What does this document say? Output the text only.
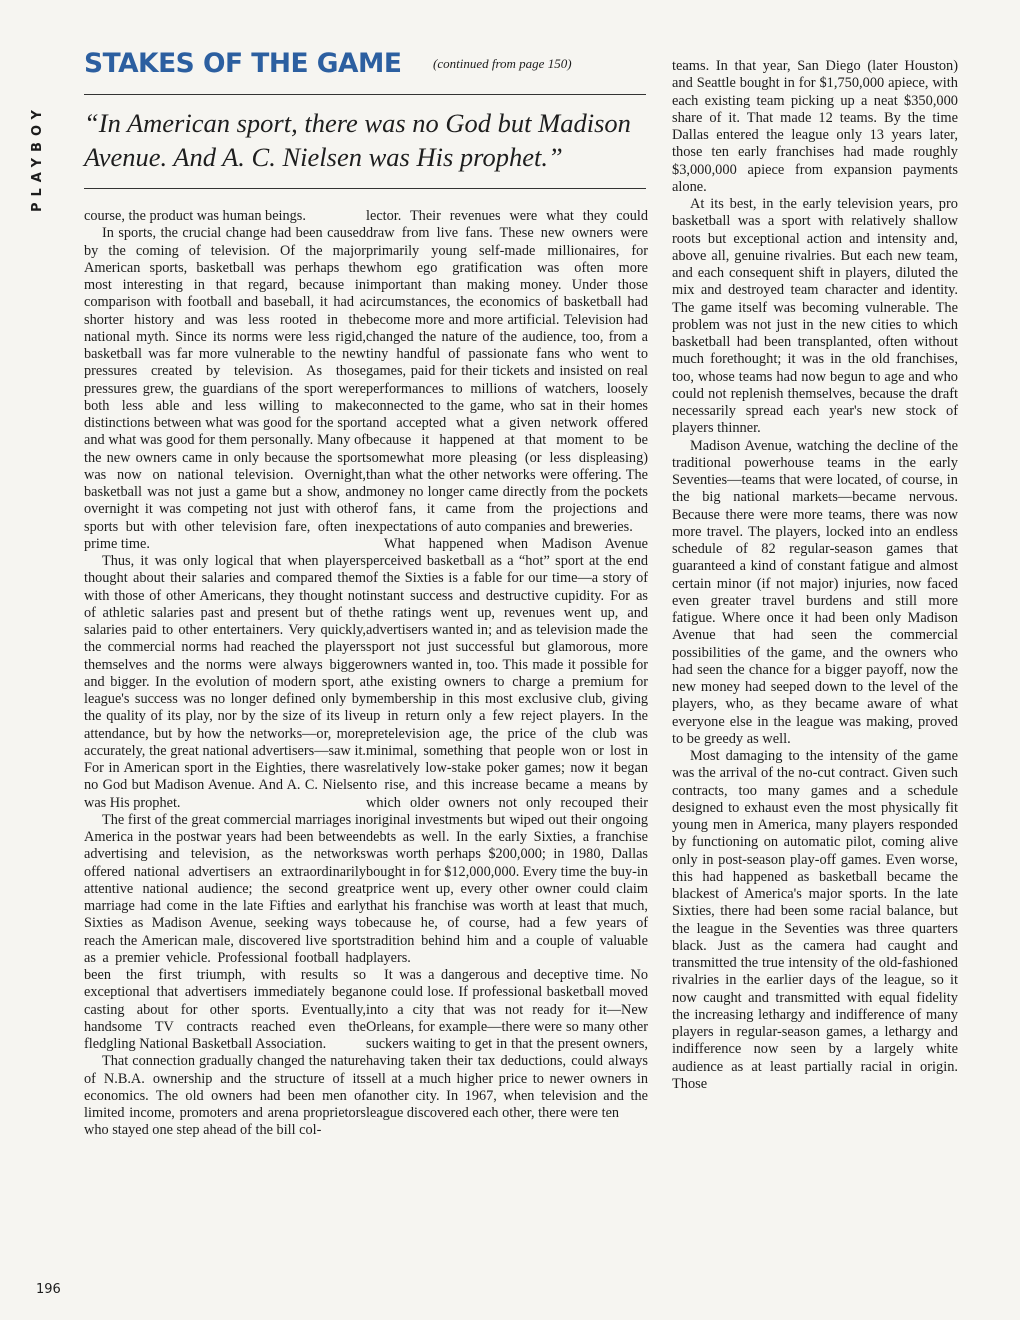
PLAYBOY
STAKES OF THE GAME (continued from page 150)
“In American sport, there was no God but Madison Avenue. And A. C. Nielsen was His prophet.”

course, the product was human beings.

In sports, the crucial change had been caused by the coming of television. Of the major American sports, basketball was perhaps the most interesting in that regard, because in comparison with football and baseball, it had a shorter history and was less rooted in the national myth. Since its norms were less rigid, basketball was far more vulnerable to the new pressures created by television. As those pressures grew, the guardians of the sport were both less able and less willing to make distinctions between what was good for the sport and what was good for them personally. Many of the new owners came in only because the sport was now on national television. Overnight, basketball was not just a game but a show, and overnight it was competing not just with other sports but with other television fare, often in prime time.

Thus, it was only logical that when players thought about their salaries and compared them with those of other Americans, they thought not of athletic salaries past and present but of the salaries paid to other entertainers. Very quickly, the commercial norms had reached the players themselves and the norms were always bigger and bigger. In the evolution of modern sport, a league's success was no longer defined only by the quality of its play, nor by the size of its live attendance, but by how the networks—or, more accurately, the great national advertisers—saw it. For in American sport in the Eighties, there was no God but Madison Avenue. And A. C. Nielsen was His prophet.

The first of the great commercial marriages in America in the postwar years had been between advertising and television, as the networks offered national advertisers an extraordinarily attentive national audience; the second great marriage had come in the late Fifties and early Sixties as Madison Avenue, seeking ways to reach the American male, discovered live sports as a premier vehicle. Professional football had been the first triumph, with results so exceptional that advertisers immediately began casting about for other sports. Eventually, handsome TV contracts reached even the fledgling National Basketball Association.

That connection gradually changed the nature of N.B.A. ownership and the structure of its economics. The old owners had been men of limited income, promoters and arena proprietors who stayed one step ahead of the bill col-

lector. Their revenues were what they could draw from live fans. These new owners were primarily young self-made millionaires, for whom ego gratification was often more important than making money. Under those circumstances, the economics of basketball had become more and more artificial. Television had changed the nature of the audience, too, from a tiny handful of passionate fans who went to games, paid for their tickets and insisted on real performances to millions of watchers, loosely connected to the game, who sat in their homes and accepted what a given network offered because it happened at that moment to be somewhat more pleasing (or less displeasing) than what the other networks were offering. The money no longer came directly from the pockets of fans, it came from the projections and expectations of auto companies and breweries.

What happened when Madison Avenue perceived basketball as a “hot” sport at the end of the Sixties is a fable for our time—a story of instant success and destructive cupidity. For as the ratings went up, revenues went up, and advertisers wanted in; and as television made the sport not just successful but glamorous, more owners wanted in, too. This made it possible for the existing owners to charge a premium for membership in this most exclusive club, giving up in return only a few reject players. In the pretelevision age, the price of the club was minimal, something that people won or lost in relatively low-stake poker games; now it began to rise, and this increase became a means by which older owners not only recouped their original investments but wiped out their ongoing debts as well. In the early Sixties, a franchise was worth perhaps $200,000; in 1980, Dallas bought in for $12,000,000. Every time the buy-in price went up, every other owner could claim that his franchise was worth at least that much, because he, of course, had a few years of tradition behind him and a couple of valuable players.

It was a dangerous and deceptive time. No one could lose. If professional basketball moved into a city that was not ready for it—New Orleans, for example—there were so many other suckers waiting to get in that the present owners, having taken their tax deductions, could always sell at a much higher price to newer owners in another city. In 1967, when television and the league discovered each other, there were ten

teams. In that year, San Diego (later Houston) and Seattle bought in for $1,750,000 apiece, with each existing team picking up a neat $350,000 share of it. That made 12 teams. By the time Dallas entered the league only 13 years later, those ten early franchises had made roughly $3,000,000 apiece from expansion payments alone.

At its best, in the early television years, pro basketball was a sport with relatively shallow roots but exceptional action and intensity and, above all, genuine rivalries. But each new team, and each consequent shift in players, diluted the mix and destroyed team character and identity. The game itself was becoming vulnerable. The problem was not just in the new cities to which basketball had been transplanted, often without much forethought; it was in the old franchises, too, whose teams had now begun to age and who could not replenish themselves, because the draft necessarily spread each year's new stock of players thinner.

Madison Avenue, watching the decline of the traditional powerhouse teams in the early Seventies—teams that were located, of course, in the big national markets—became nervous. Because there were more teams, there was now more travel. The players, locked into an endless schedule of 82 regular-season games that guaranteed a kind of constant fatigue and almost certain minor (if not major) injuries, now faced even greater travel burdens and still more fatigue. Where once it had been only Madison Avenue that had seen the commercial possibilities of the game, and the owners who had seen the chance for a bigger payoff, now the new money had seeped down to the level of the players, who, as they became aware of what everyone else in the league was making, proved to be greedy as well.

Most damaging to the intensity of the game was the arrival of the no-cut contract. Given such contracts, too many games and a schedule designed to exhaust even the most physically fit young men in America, many players responded by functioning on automatic pilot, coming alive only in post-season play-off games. Even worse, this had happened as basketball became the blackest of America's major sports. In the late Sixties, there had been some racial balance, but the league in the Seventies was three quarters black. Just as the camera had caught and transmitted the true intensity of the old-fashioned rivalries in the earlier days of the league, so it now caught and transmitted with equal fidelity the increasing lethargy and indifference of many players in regular-season games, a lethargy and indifference now seen by a largely white audience as at least partially racial in origin. Those

196
